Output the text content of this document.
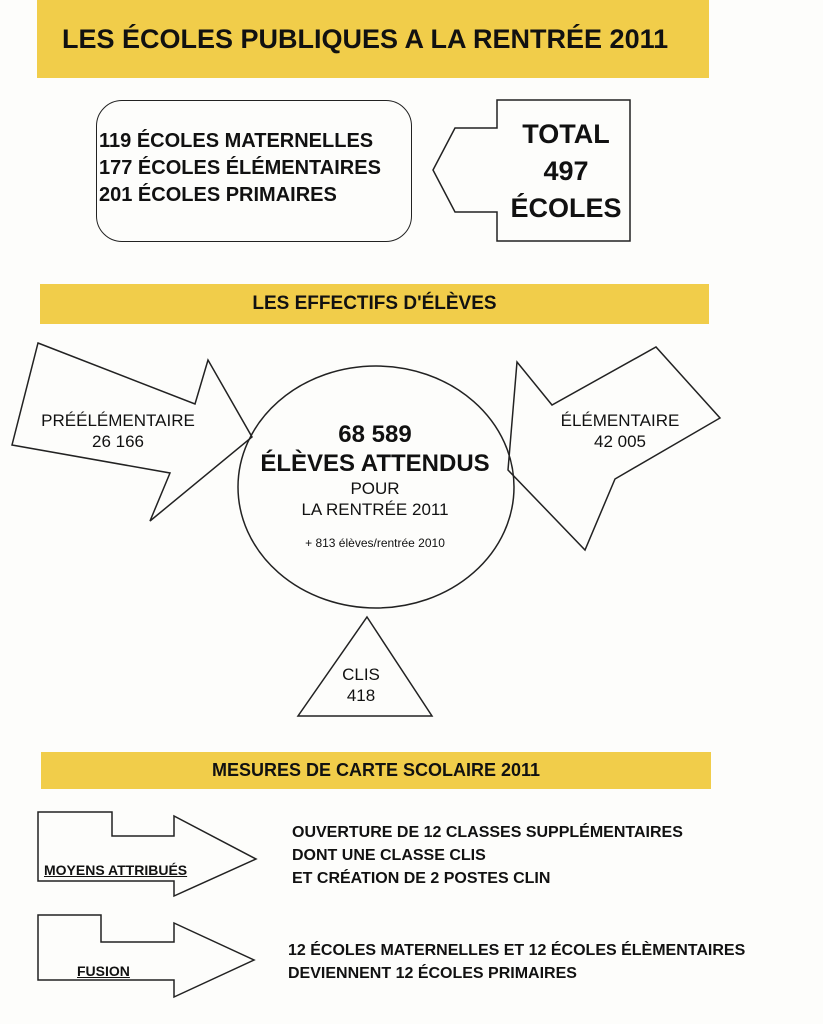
LES ÉCOLES PUBLIQUES A LA RENTRÉE 2011
119 ÉCOLES MATERNELLES
177 ÉCOLES ÉLÉMENTAIRES
201 ÉCOLES PRIMAIRES
TOTAL
497
ÉCOLES
LES EFFECTIFS D'ÉLÈVES
PRÉÉLÉMENTAIRE
26 166
ÉLÉMENTAIRE
42 005
68 589
ÉLÈVES ATTENDUS
POUR
LA RENTRÉE 2011
+ 813 élèves/rentrée 2010
CLIS
418
MESURES DE CARTE SCOLAIRE 2011
MOYENS ATTRIBUÉS
OUVERTURE DE 12 CLASSES SUPPLÉMENTAIRES
DONT UNE CLASSE CLIS
ET CRÉATION DE 2 POSTES CLIN
FUSION
12 ÉCOLES MATERNELLES ET 12 ÉCOLES ÉLÈMENTAIRES
DEVIENNENT 12 ÉCOLES PRIMAIRES
